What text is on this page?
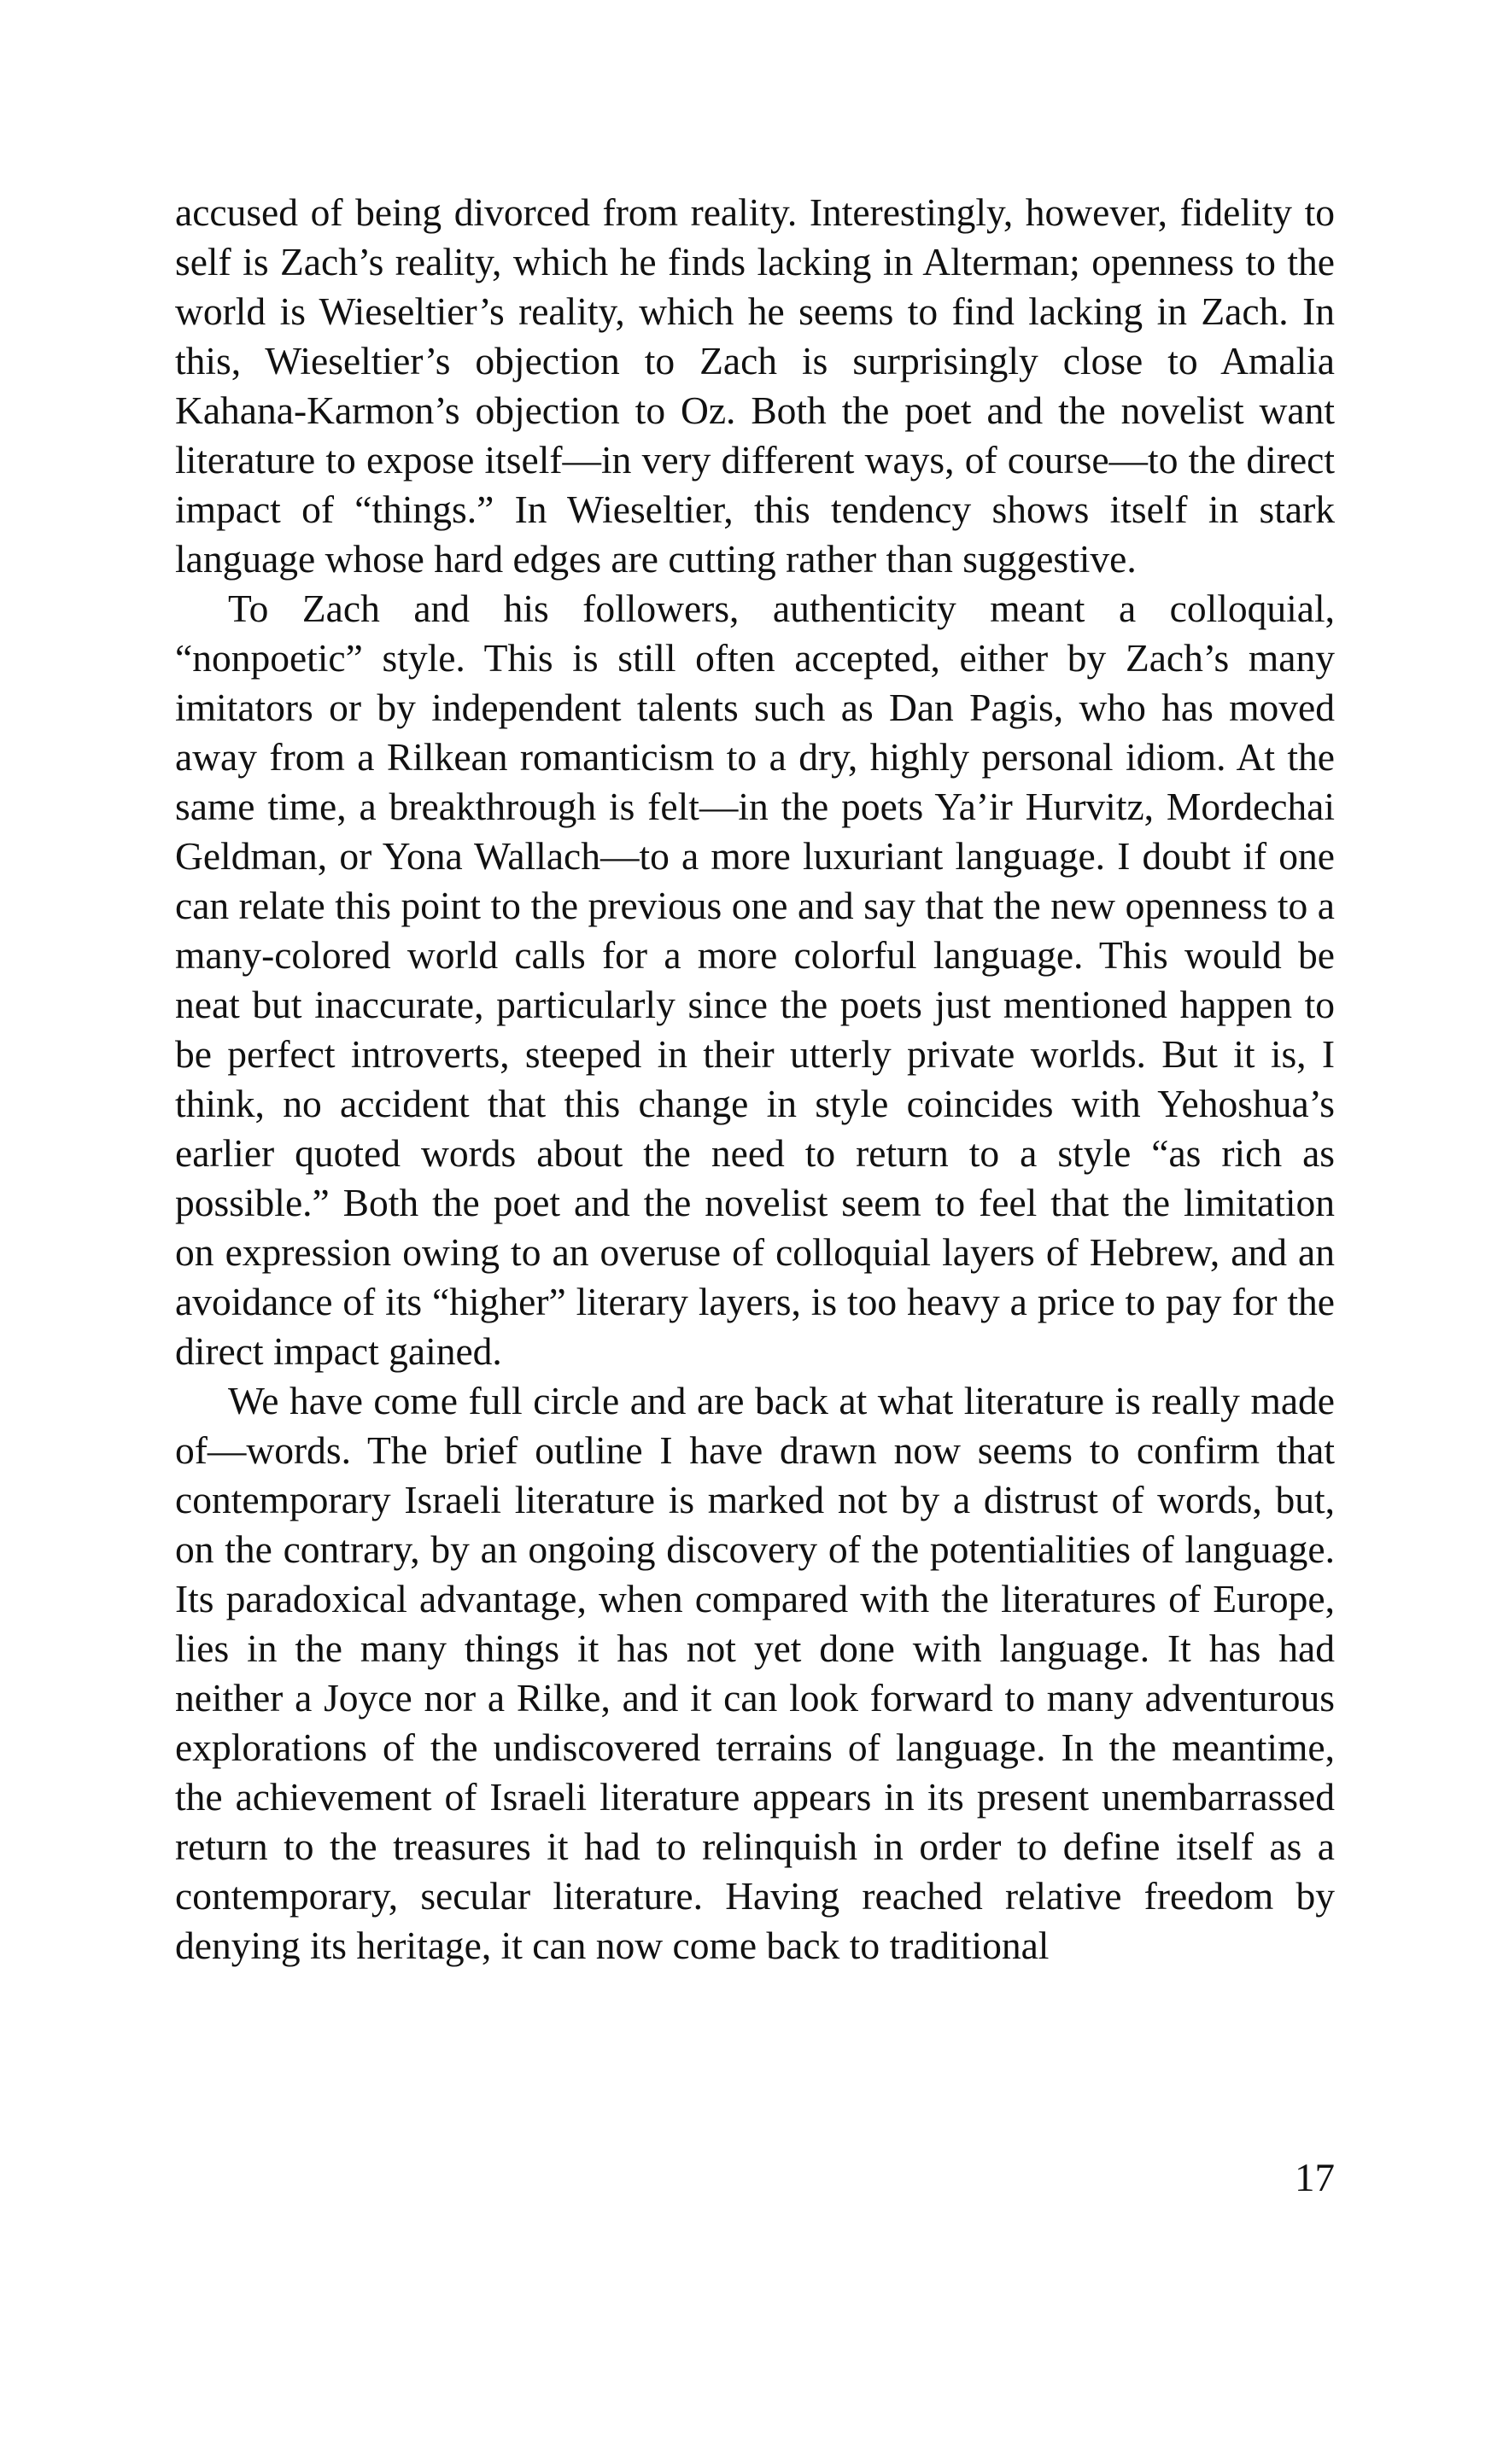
accused of being divorced from reality. Interestingly, however, fidelity to self is Zach’s reality, which he finds lacking in Alterman; openness to the world is Wieseltier’s reality, which he seems to find lacking in Zach. In this, Wieseltier’s objection to Zach is surprisingly close to Amalia Kahana-Karmon’s objection to Oz. Both the poet and the novelist want literature to expose itself—in very different ways, of course—to the direct impact of “things.” In Wieseltier, this tendency shows itself in stark language whose hard edges are cutting rather than suggestive.

To Zach and his followers, authenticity meant a colloquial, “nonpoetic” style. This is still often accepted, either by Zach’s many imitators or by independent talents such as Dan Pagis, who has moved away from a Rilkean romanticism to a dry, highly personal idiom. At the same time, a breakthrough is felt—in the poets Ya’ir Hurvitz, Mordechai Geldman, or Yona Wallach—to a more luxuriant language. I doubt if one can relate this point to the previous one and say that the new openness to a many-colored world calls for a more colorful language. This would be neat but inaccurate, particularly since the poets just mentioned happen to be perfect introverts, steeped in their utterly private worlds. But it is, I think, no accident that this change in style coincides with Yehoshua’s earlier quoted words about the need to return to a style “as rich as possible.” Both the poet and the novelist seem to feel that the limitation on expression owing to an overuse of colloquial layers of Hebrew, and an avoidance of its “higher” literary layers, is too heavy a price to pay for the direct impact gained.

We have come full circle and are back at what literature is really made of—words. The brief outline I have drawn now seems to confirm that contemporary Israeli literature is marked not by a distrust of words, but, on the contrary, by an ongoing discovery of the potentialities of language. Its paradoxical advantage, when compared with the literatures of Europe, lies in the many things it has not yet done with language. It has had neither a Joyce nor a Rilke, and it can look forward to many adventurous explorations of the undiscovered terrains of language. In the meantime, the achievement of Israeli literature appears in its present unembarrassed return to the treasures it had to relinquish in order to define itself as a contemporary, secular literature. Having reached relative freedom by denying its heritage, it can now come back to traditional

17
